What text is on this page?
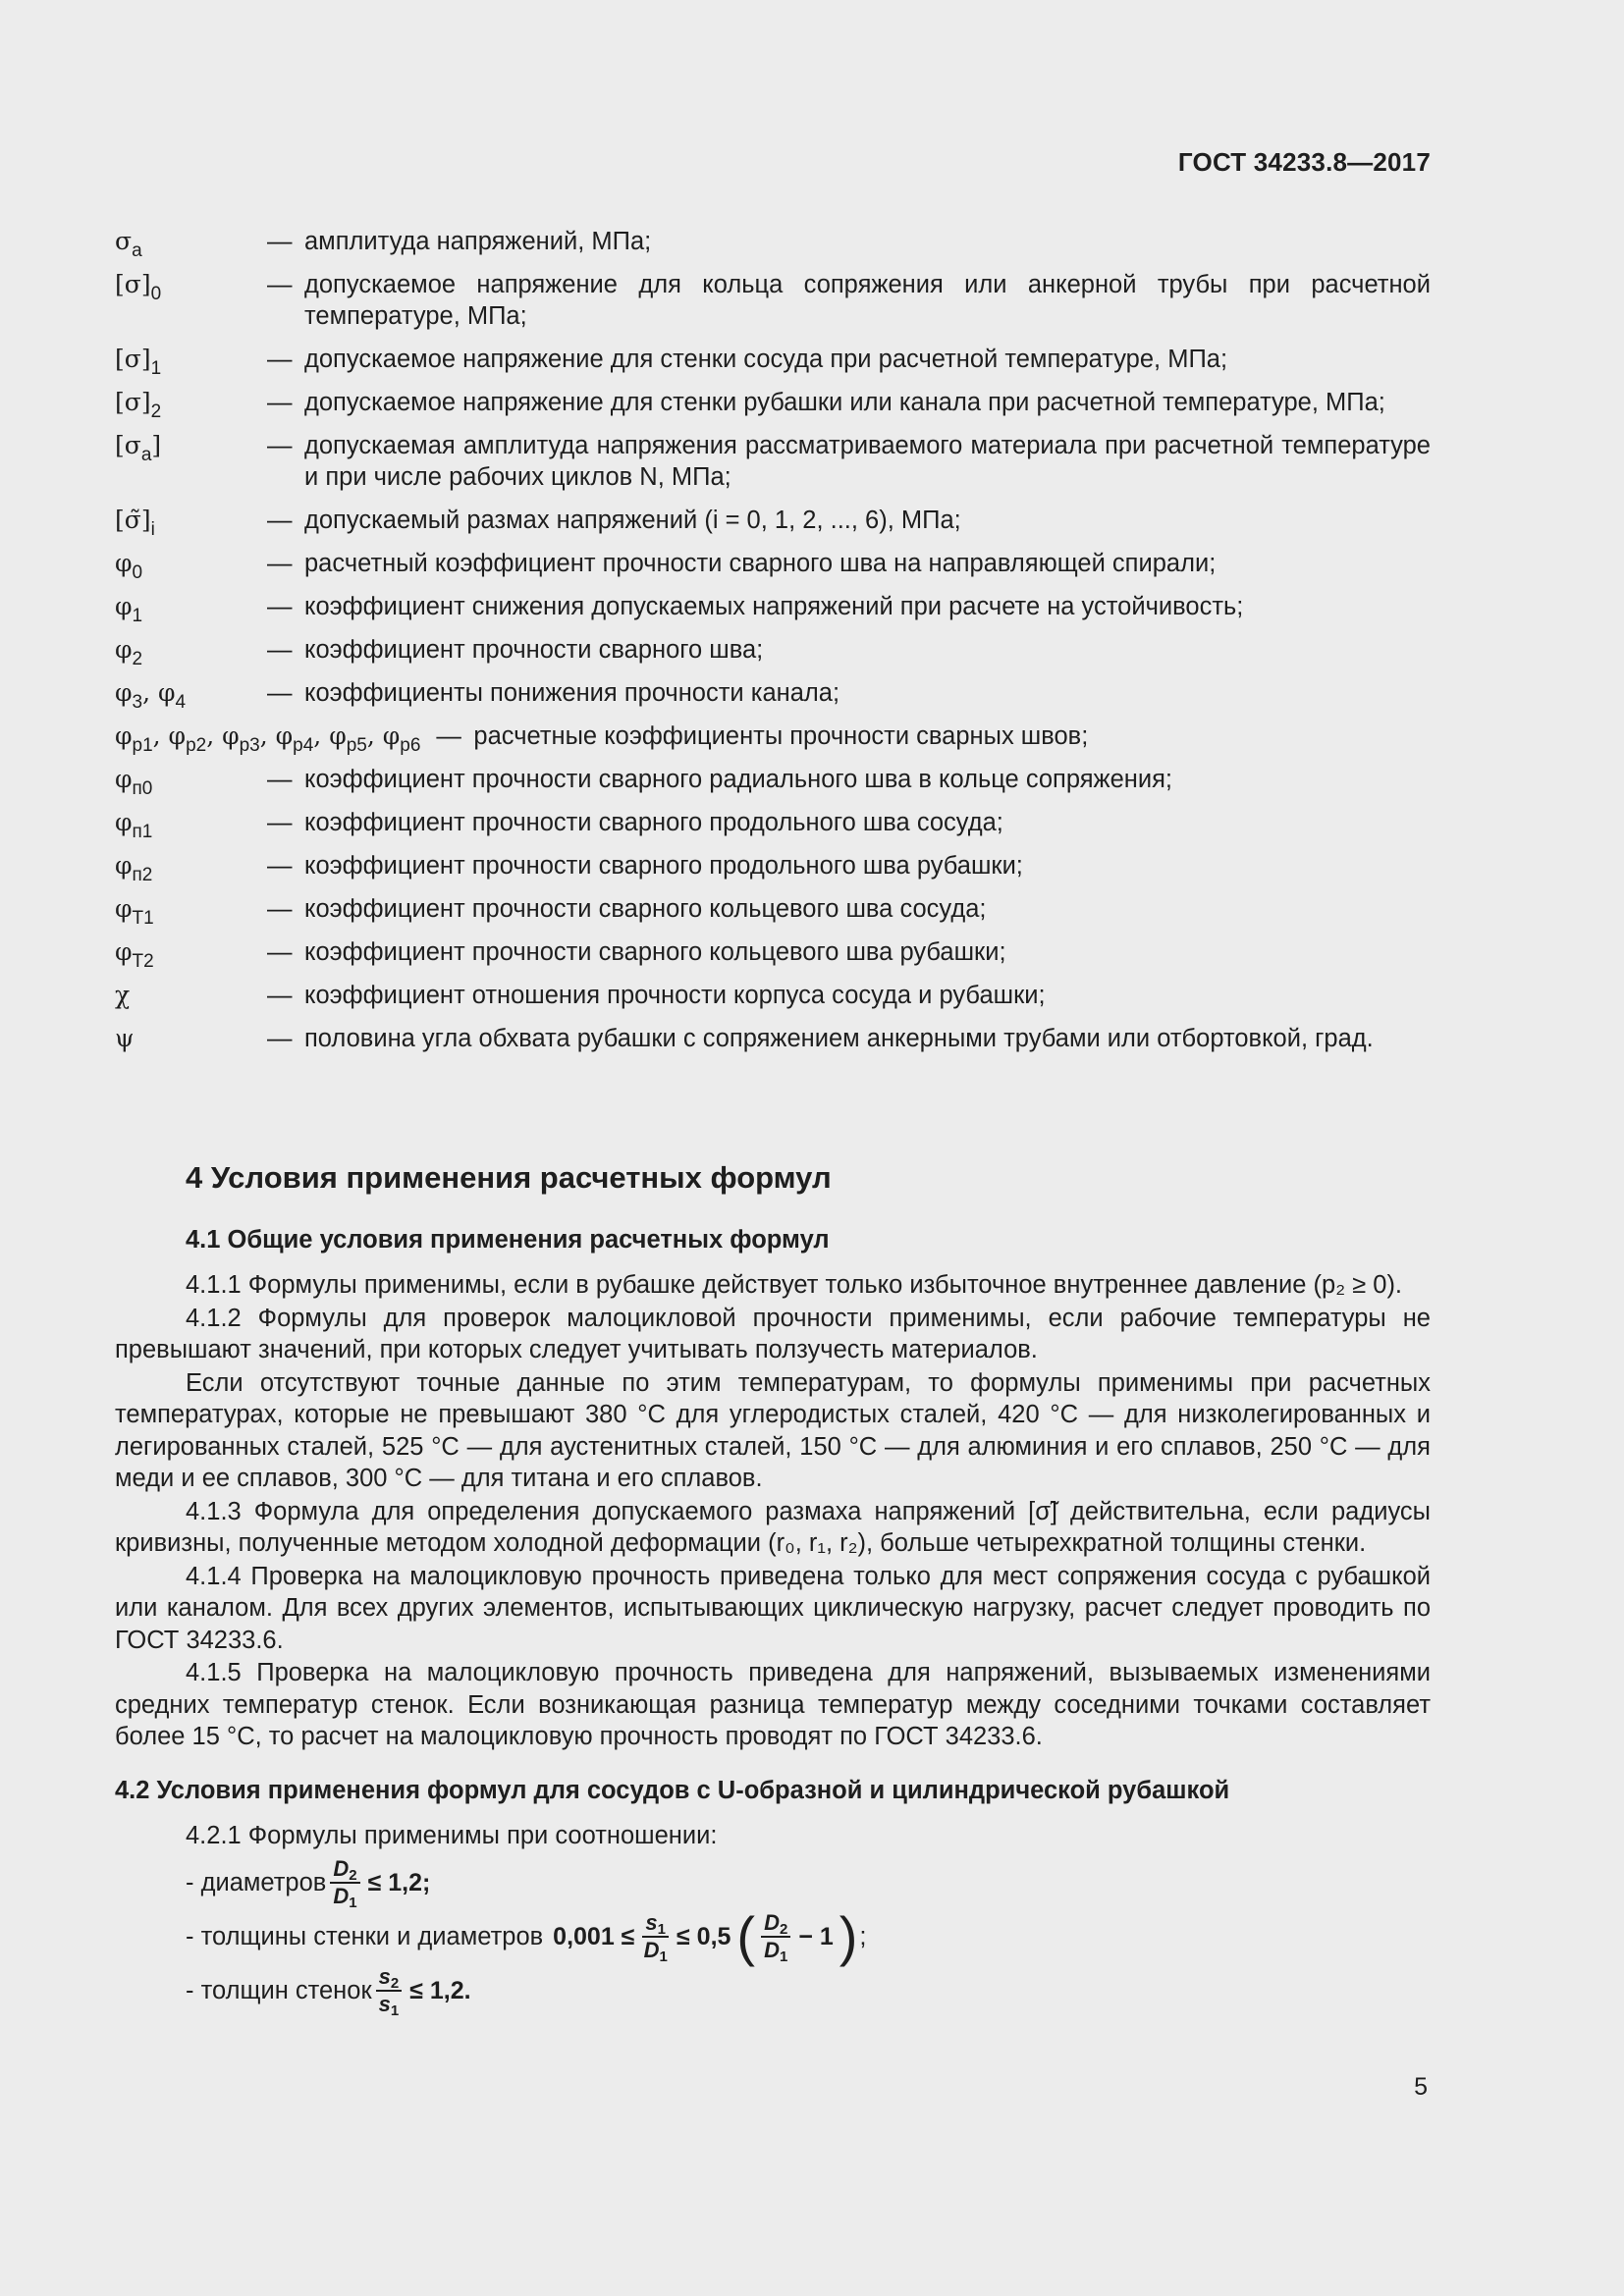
ГОСТ 34233.8—2017
$\sigma_a$	— амплитуда напряжений, МПа;
$[\sigma]_0$	— допускаемое напряжение для кольца сопряжения или анкерной трубы при расчетной температуре, МПа;
$[\sigma]_1$	— допускаемое напряжение для стенки сосуда при расчетной температуре, МПа;
$[\sigma]_2$	— допускаемое напряжение для стенки рубашки или канала при расчетной температуре, МПа;
$[\sigma_a]$	— допускаемая амплитуда напряжения рассматриваемого материала при расчетной температуре и при числе рабочих циклов N, МПа;
$[\sigmã]_i$	— допускаемый размах напряжений (i = 0, 1, 2, ..., 6), МПа;
$\varphi_0$	— расчетный коэффициент прочности сварного шва на направляющей спирали;
$\varphi_1$	— коэффициент снижения допускаемых напряжений при расчете на устойчивость;
$\varphi_2$	— коэффициент прочности сварного шва;
$\varphi_3$, $\varphi_4$	— коэффициенты понижения прочности канала;
$\varphi_{p1}$, $\varphi_{p2}$, $\varphi_{p3}$, $\varphi_{p4}$, $\varphi_{p5}$, $\varphi_{p6}$ — расчетные коэффициенты прочности сварных швов;
$\varphi_{п0}$	— коэффициент прочности сварного радиального шва в кольце сопряжения;
$\varphi_{п1}$	— коэффициент прочности сварного продольного шва сосуда;
$\varphi_{п2}$	— коэффициент прочности сварного продольного шва рубашки;
$\varphi_{T1}$	— коэффициент прочности сварного кольцевого шва сосуда;
$\varphi_{T2}$	— коэффициент прочности сварного кольцевого шва рубашки;
χ	— коэффициент отношения прочности корпуса сосуда и рубашки;
ψ	— половина угла обхвата рубашки с сопряжением анкерными трубами или отбортовкой, град.
4 Условия применения расчетных формул
4.1 Общие условия применения расчетных формул
4.1.1 Формулы применимы, если в рубашке действует только избыточное внутреннее давление (p₂ ≥ 0).
4.1.2 Формулы для проверок малоцикловой прочности применимы, если рабочие температуры не превышают значений, при которых следует учитывать ползучесть материалов.
Если отсутствуют точные данные по этим температурам, то формулы применимы при расчетных температурах, которые не превышают 380 °С для углеродистых сталей, 420 °С — для низколегированных и легированных сталей, 525 °С — для аустенитных сталей, 150 °С — для алюминия и его сплавов, 250 °С — для меди и ее сплавов, 300 °С — для титана и его сплавов.
4.1.3 Формула для определения допускаемого размаха напряжений [σ̃] действительна, если радиусы кривизны, полученные методом холодной деформации (r₀, r₁, r₂), больше четырехкратной толщины стенки.
4.1.4 Проверка на малоцикловую прочность приведена только для мест сопряжения сосуда с рубашкой или каналом. Для всех других элементов, испытывающих циклическую нагрузку, расчет следует проводить по ГОСТ 34233.6.
4.1.5 Проверка на малоцикловую прочность приведена для напряжений, вызываемых изменениями средних температур стенок. Если возникающая разница температур между соседними точками составляет более 15 °С, то расчет на малоцикловую прочность проводят по ГОСТ 34233.6.
4.2 Условия применения формул для сосудов с U-образной и цилиндрической рубашкой
4.2.1 Формулы применимы при соотношении:
- диаметров $\frac{D_2}{D_1} \le 1,2$;
- толщины стенки и диаметров $0,001 \le \frac{s_1}{D_1} \le 0,5$ ( $\frac{D_2}{D_1} - 1$ ) ;
- толщин стенок $\frac{s_2}{s_1} \le 1,2$.
5
